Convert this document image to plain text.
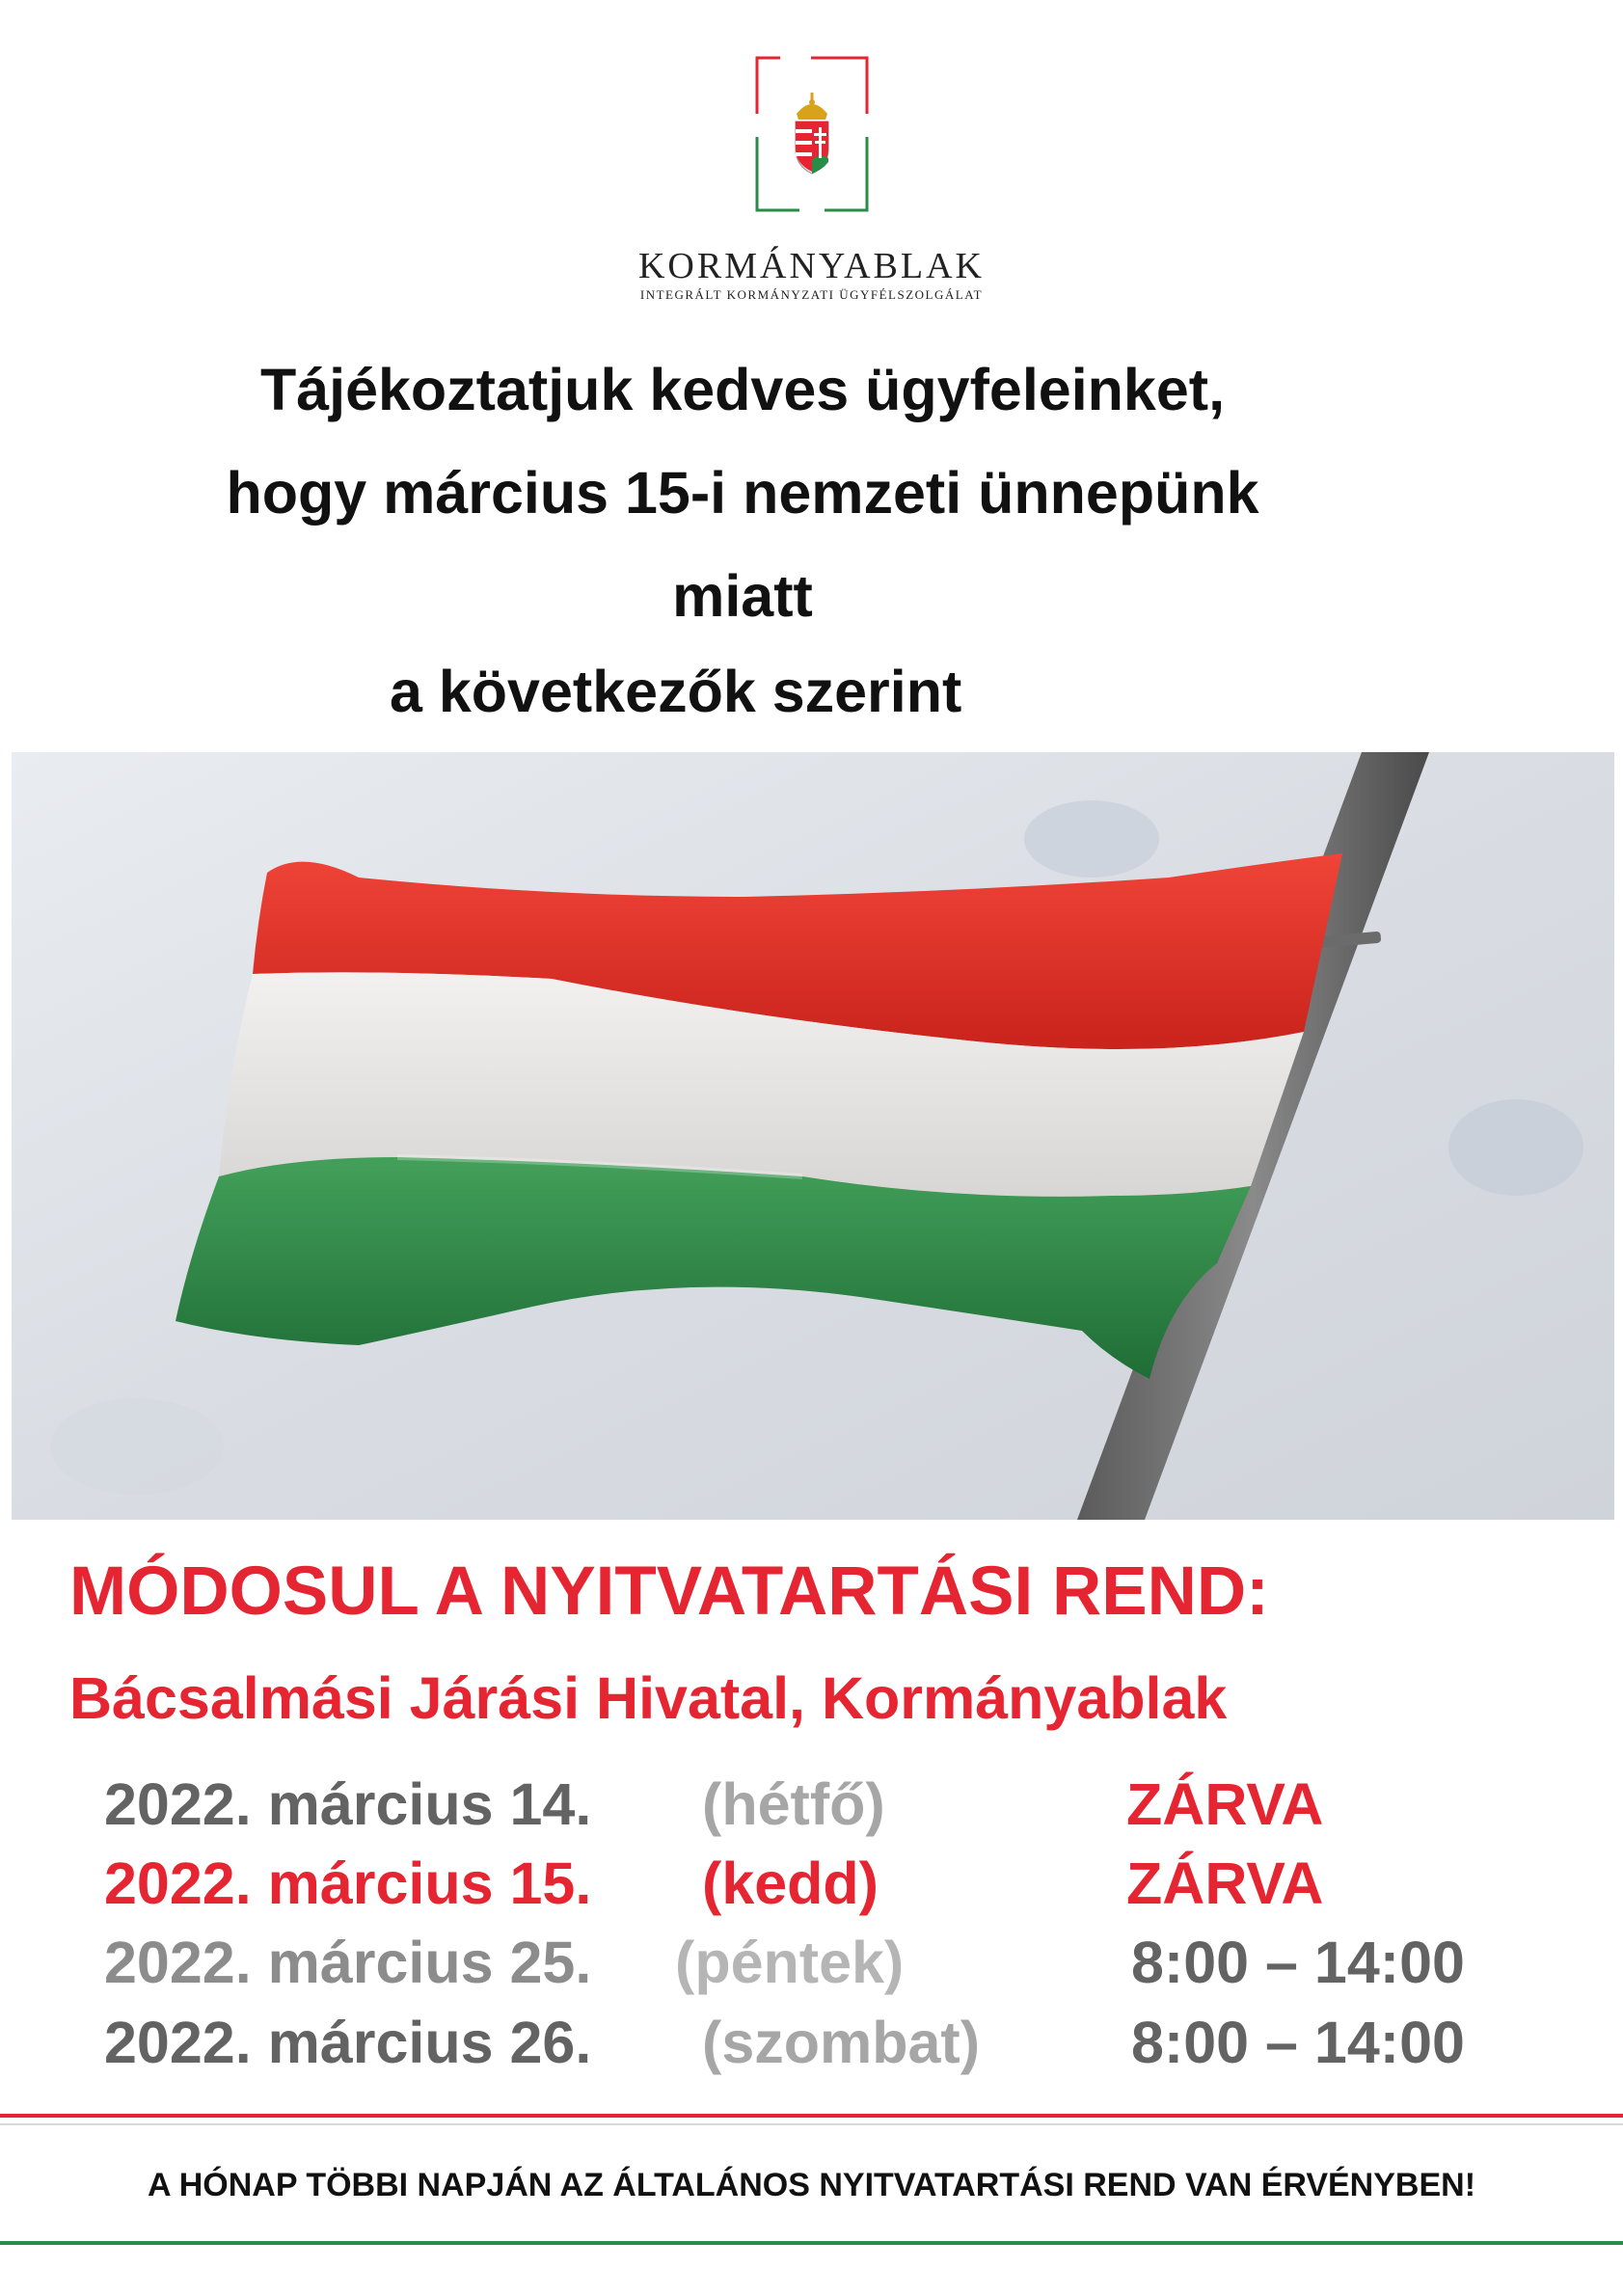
KORMÁNYABLAK
INTEGRÁLT KORMÁNYZATI ÜGYFÉLSZOLGÁLAT
Tájékoztatjuk kedves ügyfeleinket,
hogy március 15-i nemzeti ünnepünk
miatt
a következők szerint
MÓDOSUL A NYITVATARTÁSI REND:
Bácsalmási Járási Hivatal, Kormányablak
2022. március 14. (hétfő)	ZÁRVA
2022. március 15. (kedd)	ZÁRVA
2022. március 25. (péntek)	8:00 – 14:00
2022. március 26. (szombat)	8:00 – 14:00
A HÓNAP TÖBBI NAPJÁN AZ ÁLTALÁNOS NYITVATARTÁSI REND VAN ÉRVÉNYBEN!
